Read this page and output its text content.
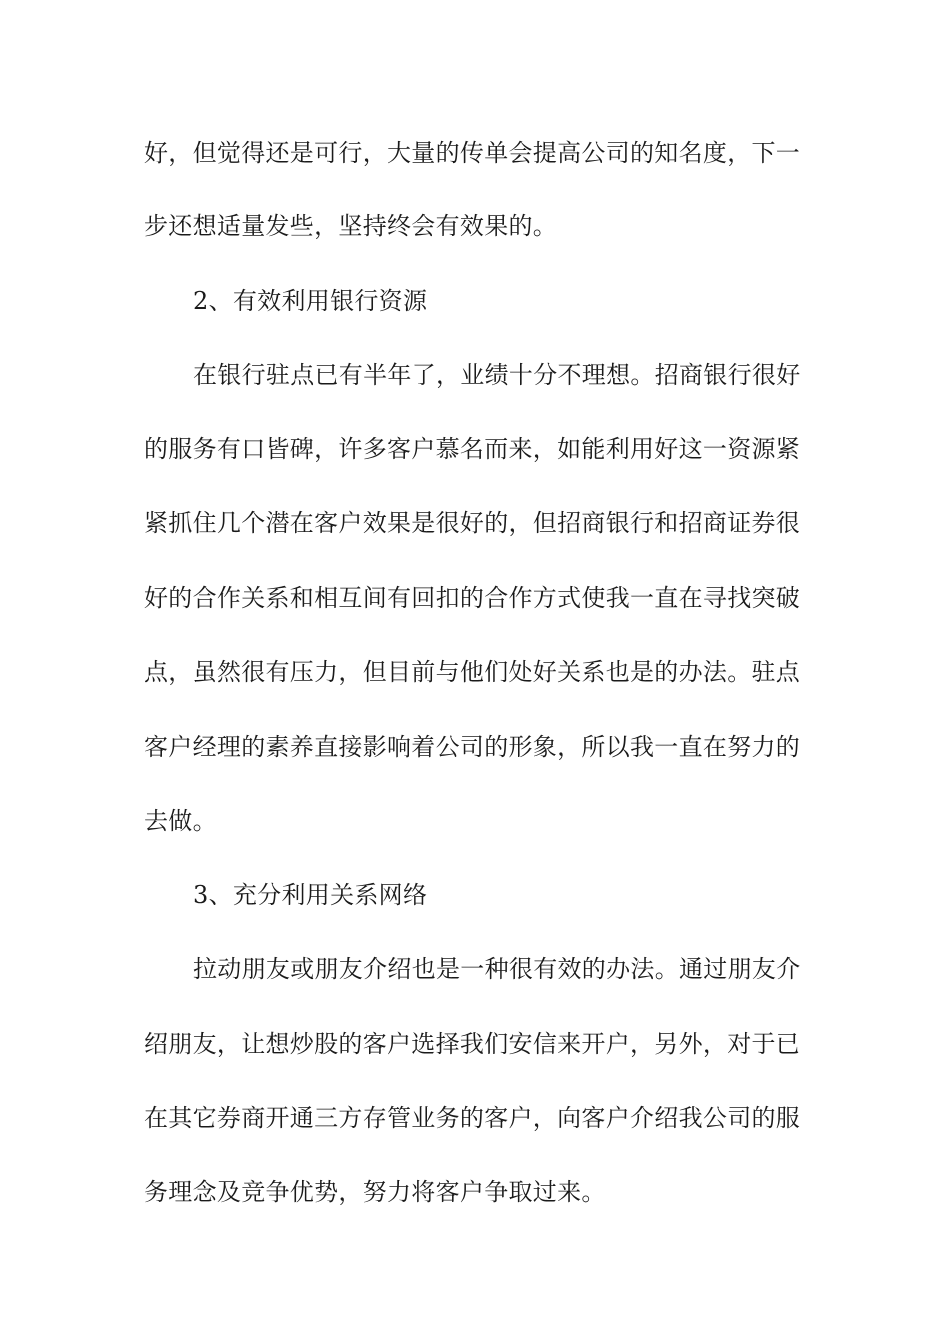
好，但觉得还是可行，大量的传单会提高公司的知名度，下一
步还想适量发些，坚持终会有效果的。
2、有效利用银行资源
在银行驻点已有半年了，业绩十分不理想。招商银行很好
的服务有口皆碑，许多客户慕名而来，如能利用好这一资源紧
紧抓住几个潜在客户效果是很好的，但招商银行和招商证券很
好的合作关系和相互间有回扣的合作方式使我一直在寻找突破
点，虽然很有压力，但目前与他们处好关系也是的办法。驻点
客户经理的素养直接影响着公司的形象，所以我一直在努力的
去做。
3、充分利用关系网络
拉动朋友或朋友介绍也是一种很有效的办法。通过朋友介
绍朋友，让想炒股的客户选择我们安信来开户，另外，对于已
在其它券商开通三方存管业务的客户，向客户介绍我公司的服
务理念及竞争优势，努力将客户争取过来。
